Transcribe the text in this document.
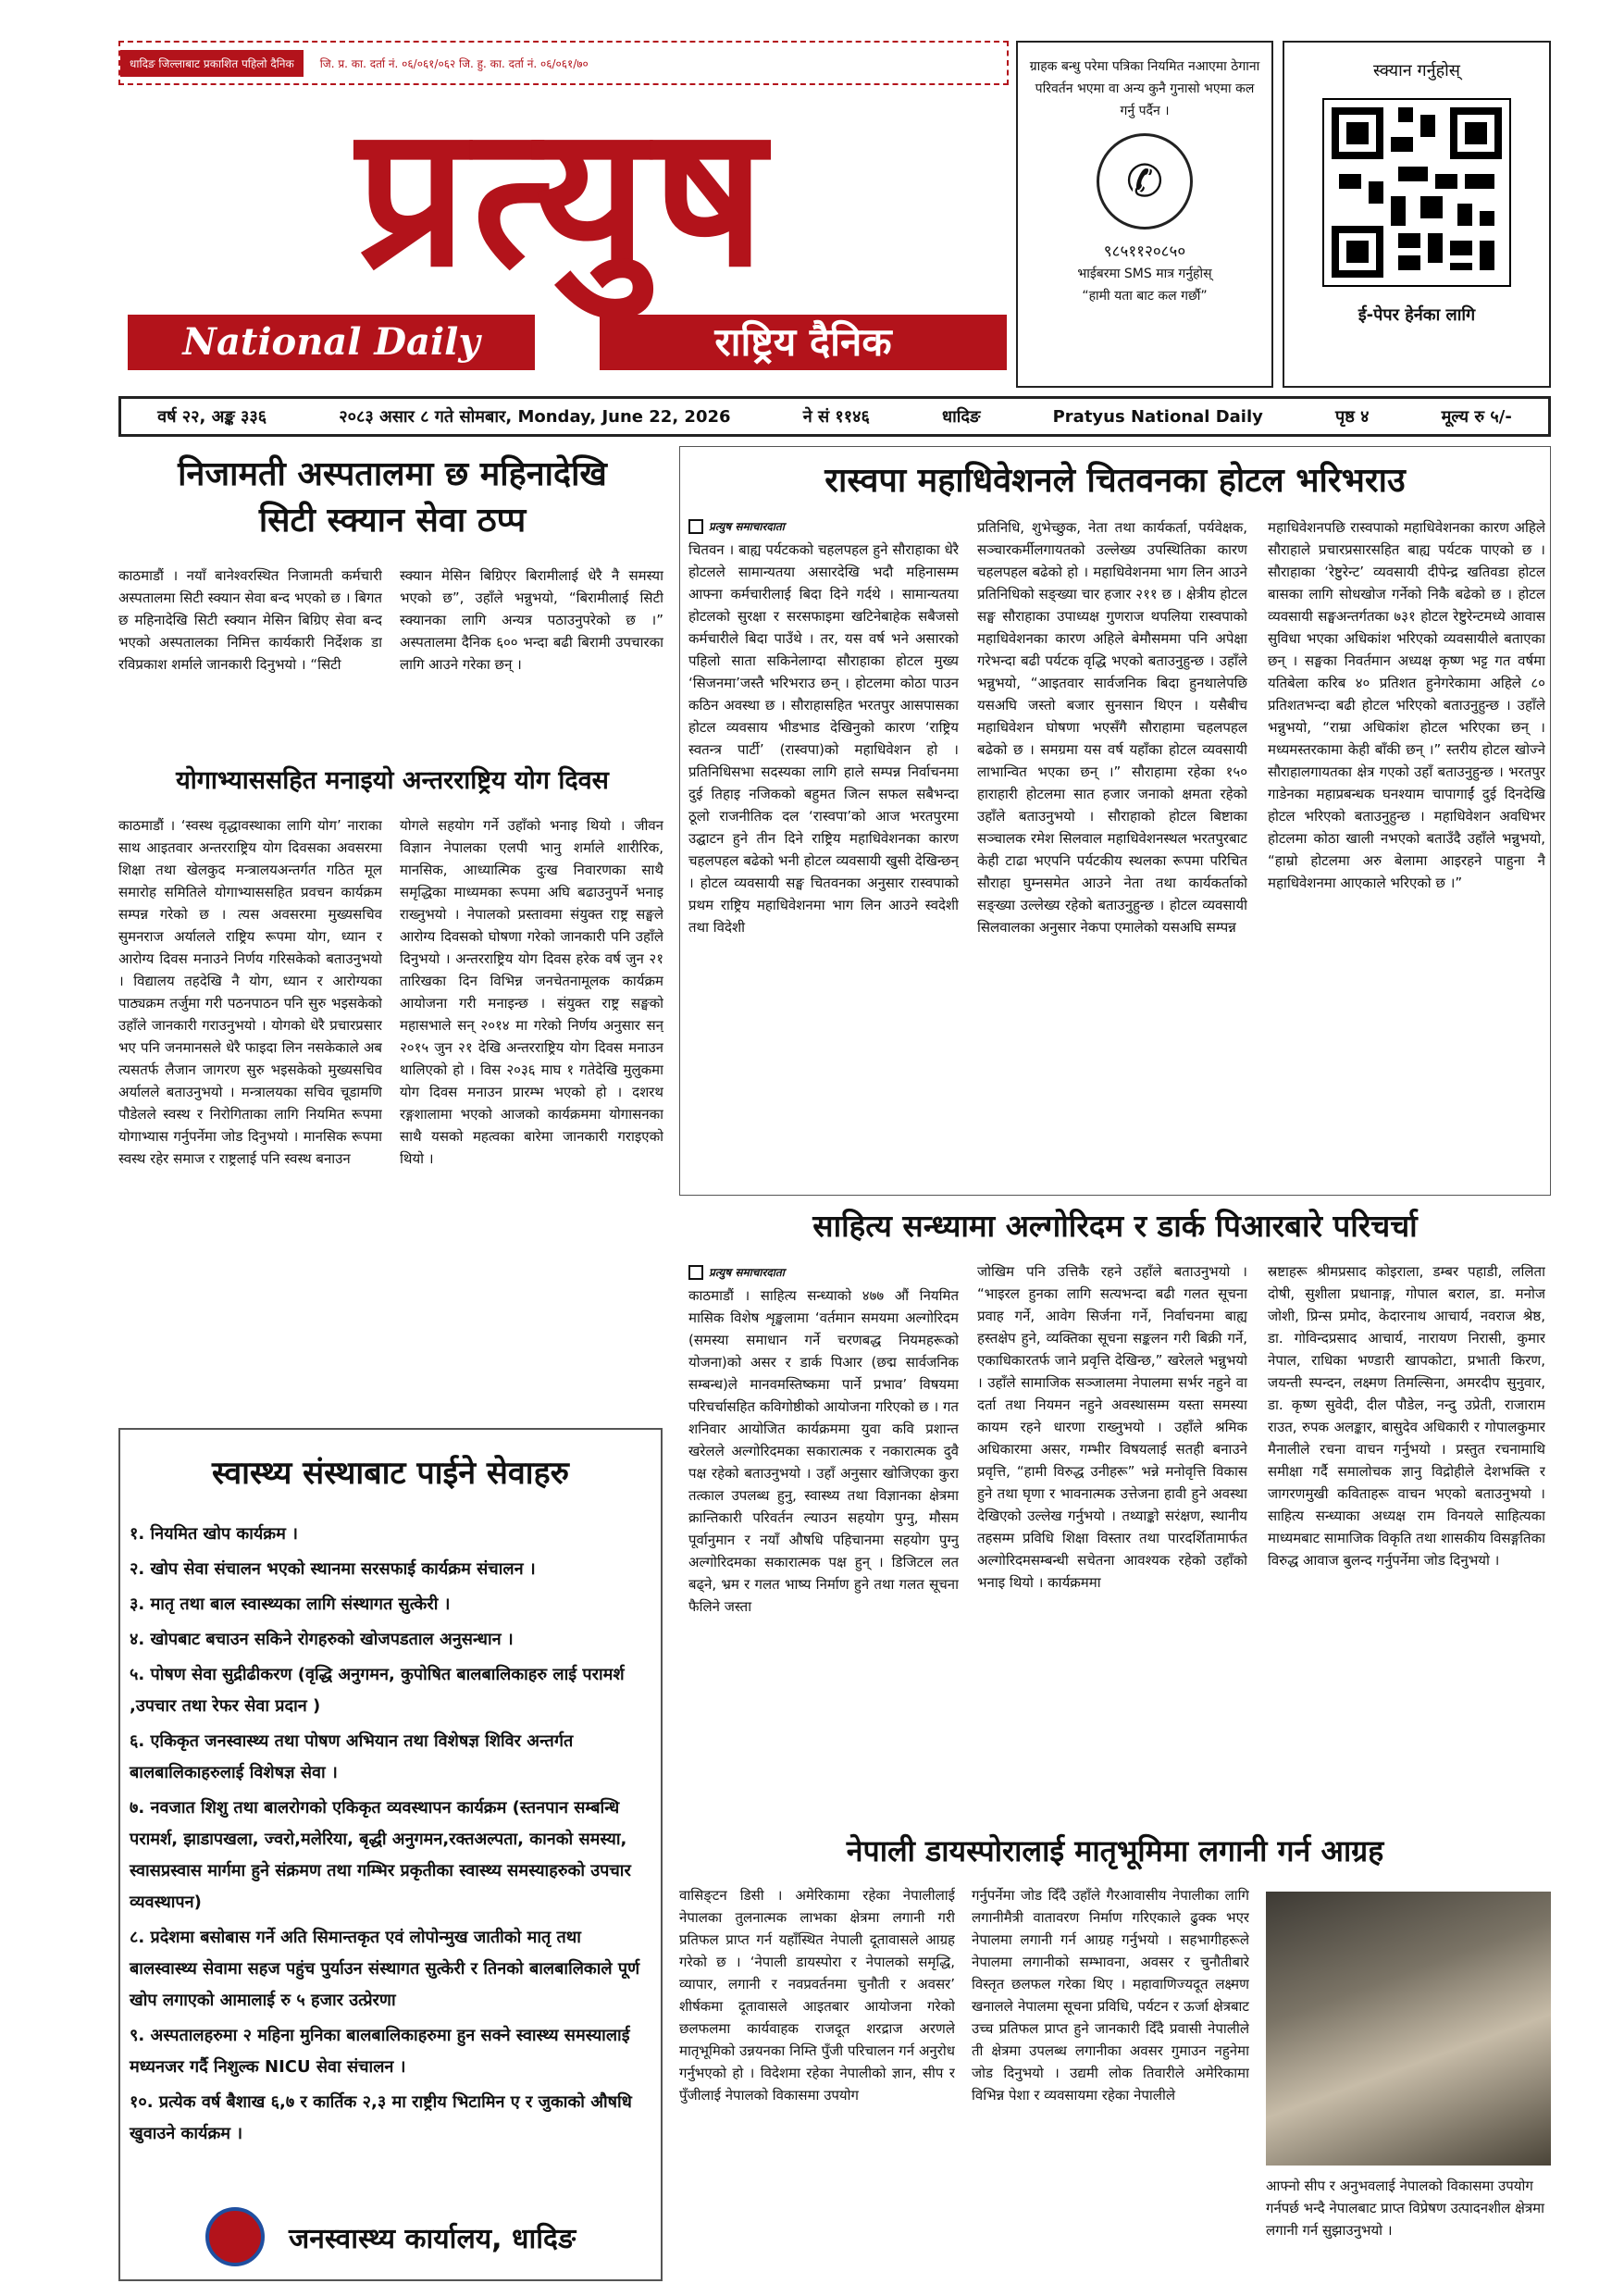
धादिङ जिल्लाबाट प्रकाशित पहिलो दैनिक	जि. प्र. का. दर्ता नं. ०६/०६१/०६२ जि. हु. का. दर्ता नं. ०६/०६१/७०
प्रत्युष
National Daily	राष्ट्रिय दैनिक
ग्राहक बन्धु परेमा पत्रिका नियमित नआएमा ठेगाना परिवर्तन भएमा वा अन्य कुनै गुनासो भएमा कल गर्नु पर्दैन ।
✆
९८५११२०८५०
भाईबरमा SMS मात्र गर्नुहोस्
“हामी यता बाट कल गर्छौ”
स्क्यान गर्नुहोस्
ई-पेपर हेर्नका लागि
वर्ष २२, अङ्क ३३६	२०८३ असार ८ गते सोमबार, Monday, June 22, 2026	ने सं ११४६	धादिङ	Pratyus National Daily	पृष्ठ ४	मूल्य रु ५/-
निजामती अस्पतालमा छ महिनादेखि
सिटी स्क्यान सेवा ठप्प
काठमाडौं । नयाँ बानेश्वरस्थित निजामती कर्मचारी अस्पतालमा सिटी स्क्यान सेवा बन्द भएको छ । बिगत छ महिनादेखि सिटी स्क्यान मेसिन बिग्रिए सेवा बन्द भएको अस्पतालका निमित्त कार्यकारी निर्देशक डा रविप्रकाश शर्माले जानकारी दिनुभयो । “सिटी
स्क्यान मेसिन बिग्रिएर बिरामीलाई धेरै नै समस्या भएको छ”, उहाँले भन्नुभयो, “बिरामीलाई सिटी स्क्यानका लागि अन्यत्र पठाउनुपरेको छ ।” अस्पतालमा दैनिक ६०० भन्दा बढी बिरामी उपचारका लागि आउने गरेका छन् ।
योगाभ्याससहित मनाइयो अन्तरराष्ट्रिय योग दिवस
काठमाडौं । ‘स्वस्थ वृद्धावस्थाका लागि योग’ नाराका साथ आइतवार अन्तरराष्ट्रिय योग दिवसका अवसरमा शिक्षा तथा खेलकुद मन्त्रालयअन्तर्गत गठित मूल समारोह समितिले योगाभ्याससहित प्रवचन कार्यक्रम सम्पन्न गरेको छ । त्यस अवसरमा मुख्यसचिव सुमनराज अर्यालले राष्ट्रिय रूपमा योग, ध्यान र आरोग्य दिवस मनाउने निर्णय गरिसकेको बताउनुभयो । विद्यालय तहदेखि नै योग, ध्यान र आरोग्यका पाठ्यक्रम तर्जुमा गरी पठनपाठन पनि सुरु भइसकेको उहाँले जानकारी गराउनुभयो । योगको धेरै प्रचारप्रसार भए पनि जनमानसले धेरै फाइदा लिन नसकेकाले अब त्यसतर्फ लैजान जागरण सुरु भइसकेको मुख्यसचिव अर्यालले बताउनुभयो । मन्त्रालयका सचिव चूडामणि पौडेलले स्वस्थ र निरोगिताका लागि नियमित रूपमा योगाभ्यास गर्नुपर्नेमा जोड दिनुभयो । मानसिक रूपमा स्वस्थ रहेर समाज र राष्ट्रलाई पनि स्वस्थ बनाउन
योगले सहयोग गर्ने उहाँको भनाइ थियो । जीवन विज्ञान नेपालका एलपी भानु शर्माले शारीरिक, मानसिक, आध्यात्मिक दुःख निवारणका साथै समृद्धिका माध्यमका रूपमा अघि बढाउनुपर्ने भनाइ राख्नुभयो । नेपालको प्रस्तावमा संयुक्त राष्ट्र सङ्घले आरोग्य दिवसको घोषणा गरेको जानकारी पनि उहाँले दिनुभयो । अन्तरराष्ट्रिय योग दिवस हरेक वर्ष जुन २१ तारिखका दिन विभिन्न जनचेतनामूलक कार्यक्रम आयोजना गरी मनाइन्छ । संयुक्त राष्ट्र सङ्घको महासभाले सन् २०१४ मा गरेको निर्णय अनुसार सन् २०१५ जुन २१ देखि अन्तरराष्ट्रिय योग दिवस मनाउन थालिएको हो । विस २०३६ माघ १ गतेदेखि मुलुकमा योग दिवस मनाउन प्रारम्भ भएको हो । दशरथ रङ्गशालामा भएको आजको कार्यक्रममा योगासनका साथै यसको महत्वका बारेमा जानकारी गराइएको थियो ।
रास्वपा महाधिवेशनले चितवनका होटल भरिभराउ
प्रत्युष समाचारदाता
चितवन । बाह्य पर्यटकको चहलपहल हुने सौराहाका धेरै होटलले सामान्यतया असारदेखि भदौ महिनासम्म आफ्ना कर्मचारीलाई बिदा दिने गर्दथे । सामान्यतया होटलको सुरक्षा र सरसफाइमा खटिनेबाहेक सबैजसो कर्मचारीले बिदा पाउँथे । तर, यस वर्ष भने असारको पहिलो साता सकिनेलाग्दा सौराहाका होटल मुख्य ‘सिजनमा’जस्तै भरिभराउ छन् । होटलमा कोठा पाउन कठिन अवस्था छ । सौराहासहित भरतपुर आसपासका होटल व्यवसाय भीडभाड देखिनुको कारण ‘राष्ट्रिय स्वतन्त्र पार्टी’ (रास्वपा)को महाधिवेशन हो । प्रतिनिधिसभा सदस्यका लागि हाले सम्पन्न निर्वाचनमा दुई तिहाइ नजिकको बहुमत जित्न सफल सबैभन्दा ठूलो राजनीतिक दल ‘रास्वपा’को आज भरतपुरमा उद्घाटन हुने तीन दिने राष्ट्रिय महाधिवेशनका कारण चहलपहल बढेको भनी होटल व्यवसायी खुसी देखिन्छन् । होटल व्यवसायी सङ्घ चितवनका अनुसार रास्वपाको प्रथम राष्ट्रिय महाधिवेशनमा भाग लिन आउने स्वदेशी तथा विदेशी
प्रतिनिधि, शुभेच्छुक, नेता तथा कार्यकर्ता, पर्यवेक्षक, सञ्चारकर्मीलगायतको उल्लेख्य उपस्थितिका कारण चहलपहल बढेको हो । महाधिवेशनमा भाग लिन आउने प्रतिनिधिको सङ्ख्या चार हजार २११ छ । क्षेत्रीय होटल सङ्घ सौराहाका उपाध्यक्ष गुणराज थपलिया रास्वपाको महाधिवेशनका कारण अहिले बेमौसममा पनि अपेक्षा गरेभन्दा बढी पर्यटक वृद्धि भएको बताउनुहुन्छ । उहाँले भन्नुभयो, “आइतवार सार्वजनिक बिदा हुनथालेपछि यसअघि जस्तो बजार सुनसान थिएन । यसैबीच महाधिवेशन घोषणा भएसँगै सौराहामा चहलपहल बढेको छ । समग्रमा यस वर्ष यहाँका होटल व्यवसायी लाभान्वित भएका छन् ।” सौराहामा रहेका १५० हाराहारी होटलमा सात हजार जनाको क्षमता रहेको उहाँले बताउनुभयो । सौराहाको होटल बिष्टाका सञ्चालक रमेश सिलवाल महाधिवेशनस्थल भरतपुरबाट केही टाढा भएपनि पर्यटकीय स्थलका रूपमा परिचित सौराहा घुम्नसमेत आउने नेता तथा कार्यकर्ताको सङ्ख्या उल्लेख्य रहेको बताउनुहुन्छ । होटल व्यवसायी सिलवालका अनुसार नेकपा एमालेको यसअघि सम्पन्न
महाधिवेशनपछि रास्वपाको महाधिवेशनका कारण अहिले सौराहाले प्रचारप्रसारसहित बाह्य पर्यटक पाएको छ । सौराहाका ‘रेष्टुरेन्ट’ व्यवसायी दीपेन्द्र खतिवडा होटल बासका लागि सोधखोज गर्नेको निकै बढेको छ । होटल व्यवसायी सङ्घअन्तर्गतका ७३१ होटल रेष्टुरेन्टमध्ये आवास सुविधा भएका अधिकांश भरिएको व्यवसायीले बताएका छन् । सङ्घका निवर्तमान अध्यक्ष कृष्ण भट्ट गत वर्षमा यतिबेला करिब ४० प्रतिशत हुनेगरेकामा अहिले ८० प्रतिशतभन्दा बढी होटल भरिएको बताउनुहुन्छ । उहाँले भन्नुभयो, “राम्रा अधिकांश होटल भरिएका छन् । मध्यमस्तरकामा केही बाँकी छन् ।” स्तरीय होटल खोज्ने सौराहालगायतका क्षेत्र गएको उहाँ बताउनुहुन्छ । भरतपुर गाडेनका महाप्रबन्धक घनश्याम चापागाईं दुई दिनदेखि होटल भरिएको बताउनुहुन्छ । महाधिवेशन अवधिभर होटलमा कोठा खाली नभएको बताउँदै उहाँले भन्नुभयो, “हाम्रो होटलमा अरु बेलामा आइरहने पाहुना नै महाधिवेशनमा आएकाले भरिएको छ ।”
साहित्य सन्ध्यामा अल्गोरिदम र डार्क पिआरबारे परिचर्चा
प्रत्युष समाचारदाता
काठमाडौं । साहित्य सन्ध्याको ४७७ औं नियमित मासिक विशेष शृङ्खलामा ‘वर्तमान समयमा अल्गोरिदम (समस्या समाधान गर्ने चरणबद्ध नियमहरूको योजना)को असर र डार्क पिआर (छद्म सार्वजनिक सम्बन्ध)ले मानवमस्तिष्कमा पार्ने प्रभाव’ विषयमा परिचर्चासहित कविगोष्ठीको आयोजना गरिएको छ । गत शनिवार आयोजित कार्यक्रममा युवा कवि प्रशान्त खरेलले अल्गोरिदमका सकारात्मक र नकारात्मक दुवै पक्ष रहेको बताउनुभयो । उहाँ अनुसार खोजिएका कुरा तत्काल उपलब्ध हुनु, स्वास्थ्य तथा विज्ञानका क्षेत्रमा क्रान्तिकारी परिवर्तन ल्याउन सहयोग पुग्नु, मौसम पूर्वानुमान र नयाँ औषधि पहिचानमा सहयोग पुग्नु अल्गोरिदमका सकारात्मक पक्ष हुन् । डिजिटल लत बढ्ने, भ्रम र गलत भाष्य निर्माण हुने तथा गलत सूचना फैलिने जस्ता
जोखिम पनि उत्तिकै रहने उहाँले बताउनुभयो । “भाइरल हुनका लागि सत्यभन्दा बढी गलत सूचना प्रवाह गर्ने, आवेग सिर्जना गर्ने, निर्वाचनमा बाह्य हस्तक्षेप हुने, व्यक्तिका सूचना सङ्कलन गरी बिक्री गर्ने, एकाधिकारतर्फ जाने प्रवृत्ति देखिन्छ,” खरेलले भन्नुभयो । उहाँले सामाजिक सञ्जालमा नेपालमा सर्भर नहुने वा दर्ता तथा नियमन नहुने अवस्थासम्म यस्ता समस्या कायम रहने धारणा राख्नुभयो । उहाँले श्रमिक अधिकारमा असर, गम्भीर विषयलाई सतही बनाउने प्रवृत्ति, “हामी विरुद्ध उनीहरू” भन्ने मनोवृत्ति विकास हुने तथा घृणा र भावनात्मक उत्तेजना हावी हुने अवस्था देखिएको उल्लेख गर्नुभयो । तथ्याङ्को सरंक्षण, स्थानीय तहसम्म प्रविधि शिक्षा विस्तार तथा पारदर्शितामार्फत अल्गोरिदमसम्बन्धी सचेतना आवश्यक रहेको उहाँको भनाइ थियो । कार्यक्रममा
स्रष्टाहरू श्रीमप्रसाद कोइराला, डम्बर पहाडी, ललिता दोषी, सुशीला प्रधानाङ्ग, गोपाल बराल, डा. मनोज जोशी, प्रिन्स प्रमोद, केदारनाथ आचार्य, नवराज श्रेष्ठ, डा. गोविन्दप्रसाद आचार्य, नारायण निरासी, कुमार नेपाल, राधिका भण्डारी खापकोटा, प्रभाती किरण, जयन्ती स्पन्दन, लक्ष्मण तिमल्सिना, अमरदीप सुनुवार, डा. कृष्ण सुवेदी, दील पौडेल, नन्दु उप्रेती, राजाराम राउत, रुपक अलङ्कार, बासुदेव अधिकारी र गोपालकुमार मैनालीले रचना वाचन गर्नुभयो । प्रस्तुत रचनामाथि समीक्षा गर्दै समालोचक ज्ञानु विद्रोहीले देशभक्ति र जागरणमुखी कविताहरू वाचन भएको बताउनुभयो । साहित्य सन्ध्याका अध्यक्ष राम विनयले साहित्यका माध्यमबाट सामाजिक विकृति तथा शासकीय विसङ्गतिका विरुद्ध आवाज बुलन्द गर्नुपर्नेमा जोड दिनुभयो ।
नेपाली डायस्पोरालाई मातृभूमिमा लगानी गर्न आग्रह
वासिङ्टन डिसी । अमेरिकामा रहेका नेपालीलाई नेपालका तुलनात्मक लाभका क्षेत्रमा लगानी गरी प्रतिफल प्राप्त गर्न यहाँस्थित नेपाली दूतावासले आग्रह गरेको छ । ‘नेपाली डायस्पोरा र नेपालको समृद्धि, व्यापार, लगानी र नवप्रवर्तनमा चुनौती र अवसर’ शीर्षकमा दूतावासले आइतबार आयोजना गरेको छलफलमा कार्यवाहक राजदूत शरद्राज अरणले मातृभूमिको उन्नयनका निम्ति पुँजी परिचालन गर्न अनुरोध गर्नुभएको हो । विदेशमा रहेका नेपालीको ज्ञान, सीप र पुँजीलाई नेपालको विकासमा उपयोग
गर्नुपर्नेमा जोड दिँदै उहाँले गैरआवासीय नेपालीका लागि लगानीमैत्री वातावरण निर्माण गरिएकाले ढुक्क भएर नेपालमा लगानी गर्न आग्रह गर्नुभयो । सहभागीहरूले नेपालमा लगानीको सम्भावना, अवसर र चुनौतीबारे विस्तृत छलफल गरेका थिए । महावाणिज्यदूत लक्ष्मण खनालले नेपालमा सूचना प्रविधि, पर्यटन र ऊर्जा क्षेत्रबाट उच्च प्रतिफल प्राप्त हुने जानकारी दिँदै प्रवासी नेपालीले ती क्षेत्रमा उपलब्ध लगानीका अवसर गुमाउन नहुनेमा जोड दिनुभयो । उद्यमी लोक तिवारीले अमेरिकामा विभिन्न पेशा र व्यवसायमा रहेका नेपालीले
आफ्नो सीप र अनुभवलाई नेपालको विकासमा उपयोग गर्नपर्छ भन्दै नेपालबाट प्राप्त विप्रेषण उत्पादनशील क्षेत्रमा लगानी गर्न सुझाउनुभयो ।
स्वास्थ्य संस्थाबाट पाईने सेवाहरु
१. नियमित खोप कार्यक्रम ।
२. खोप सेवा संचालन भएको स्थानमा सरसफाई कार्यक्रम संचालन ।
३. मातृ तथा बाल स्वास्थ्यका लागि संस्थागत सुत्केरी ।
४. खोपबाट बचाउन सकिने रोगहरुको खोजपडताल अनुसन्धान ।
५. पोषण सेवा सुद्रीढीकरण (वृद्धि अनुगमन, कुपोषित बालबालिकाहरु लाई परामर्श ,उपचार तथा रेफर सेवा प्रदान )
६. एकिकृत जनस्वास्थ्य तथा पोषण अभियान तथा विशेषज्ञ शिविर अन्तर्गत बालबालिकाहरुलाई विशेषज्ञ सेवा ।
७. नवजात शिशु तथा बालरोगको एकिकृत व्यवस्थापन कार्यक्रम (स्तनपान सम्बन्धि परामर्श, झाडापखला, ज्वरो,मलेरिया, बृद्धी अनुगमन,रक्तअल्पता, कानको समस्या, स्वासप्रस्वास मार्गमा हुने संक्रमण तथा गम्भिर प्रकृतीका स्वास्थ्य समस्याहरुको उपचार व्यवस्थापन)
८. प्रदेशमा बसोबास गर्ने अति सिमान्तकृत एवं लोपोन्मुख जातीको मातृ तथा बालस्वास्थ्य सेवामा सहज पहुंच पुर्याउन संस्थागत सुत्केरी र तिनको बालबालिकाले पूर्ण खोप लगाएको आमालाई रु ५ हजार उत्प्रेरणा
९. अस्पतालहरुमा २ महिना मुनिका बालबालिकाहरुमा हुन सक्ने स्वास्थ्य समस्यालाई मध्यनजर गर्दै निशुल्क NICU सेवा संचालन ।
१०. प्रत्येक वर्ष बैशाख ६,७ र कार्तिक २,३ मा राष्ट्रीय भिटामिन ए र जुकाको औषधि खुवाउने कार्यक्रम ।
जनस्वास्थ्य कार्यालय, धादिङ
